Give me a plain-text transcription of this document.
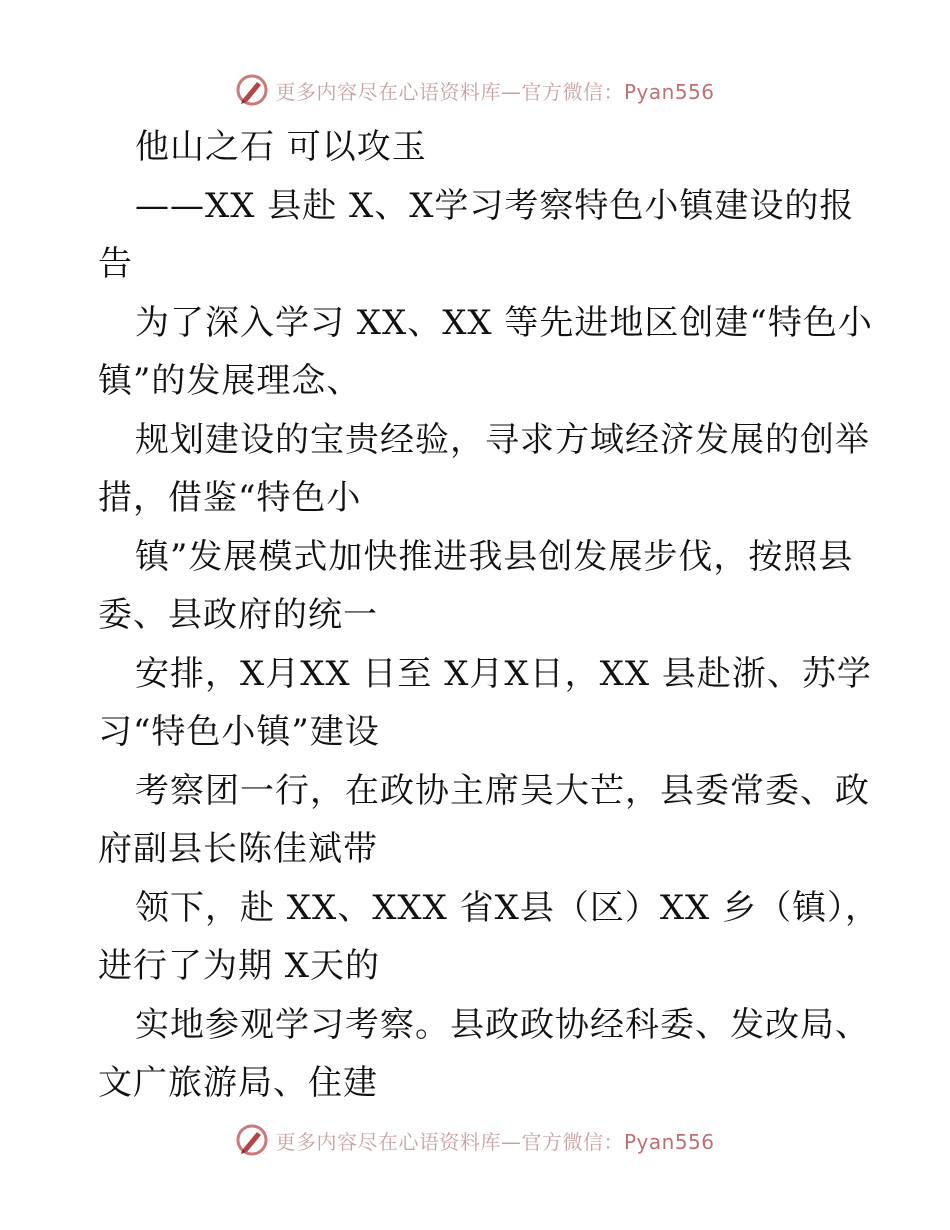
更多内容尽在心语资料库—官方微信：Pyan556

他山之石 可以攻玉

——XX 县赴 X、X学习考察特色小镇建设的报

告

为了深入学习 XX、XX 等先进地区创建“特色小

镇”的发展理念、

规划建设的宝贵经验，寻求方域经济发展的创举

措，借鉴“特色小

镇”发展模式加快推进我县创发展步伐，按照县

委、县政府的统一

安排，X月XX 日至 X月X日，XX 县赴浙、苏学

习“特色小镇”建设

考察团一行，在政协主席吴大芒，县委常委、政

府副县长陈佳斌带

领下，赴 XX、XXX 省X县（区）XX 乡（镇），

进行了为期 X天的

实地参观学习考察。县政政协经科委、发改局、

文广旅游局、住建

更多内容尽在心语资料库—官方微信：Pyan556
